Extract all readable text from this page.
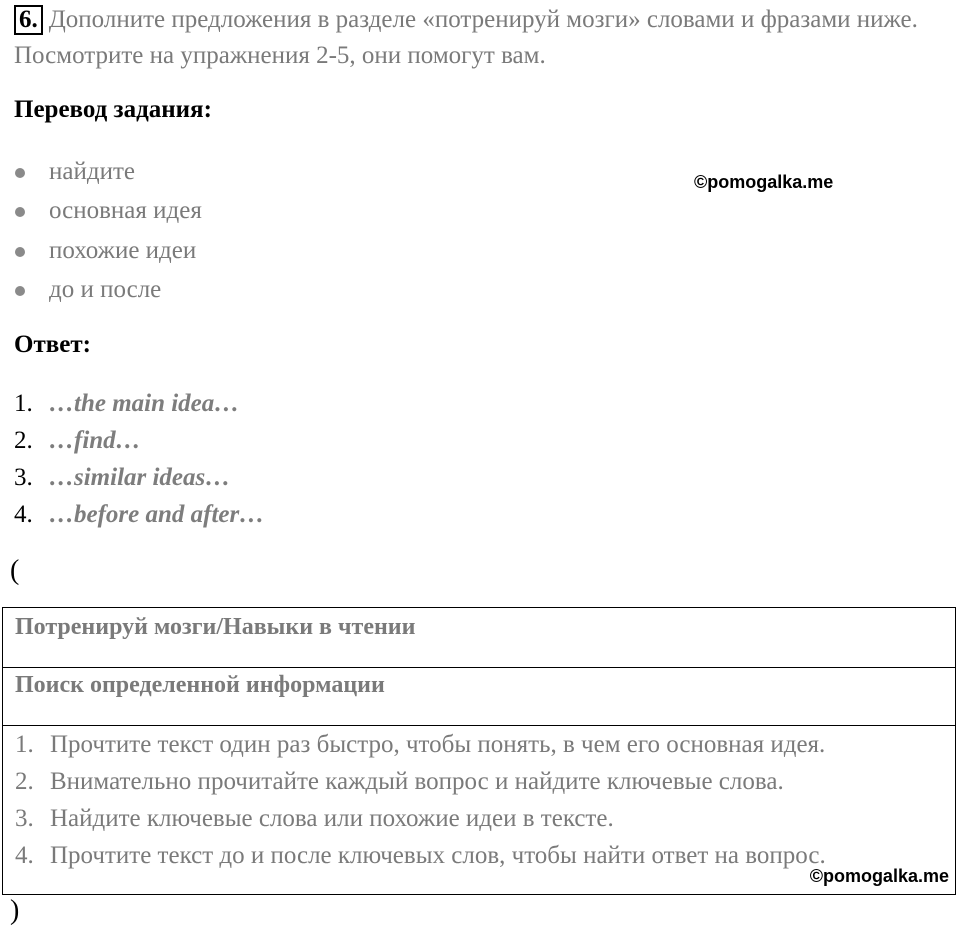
6. Дополните предложения в разделе «потренируй мозги» словами и фразами ниже. Посмотрите на упражнения 2-5, они помогут вам.
Перевод задания:
найдите
основная идея
похожие идеи
до и после
©pomogalka.me
Ответ:
1. …the main idea…
2. …find…
3. …similar ideas…
4. …before and after…
(
Потренируй мозги/Навыки в чтении
Поиск определенной информации
1. Прочтите текст один раз быстро, чтобы понять, в чем его основная идея.
2. Внимательно прочитайте каждый вопрос и найдите ключевые слова.
3. Найдите ключевые слова или похожие идеи в тексте.
4. Прочтите текст до и после ключевых слов, чтобы найти ответ на вопрос.
©pomogalka.me
)
